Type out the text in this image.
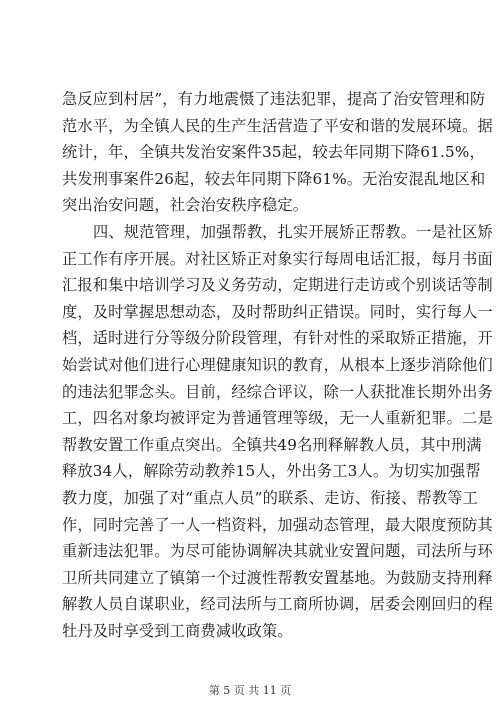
急反应到村居”，有力地震慑了违法犯罪，提高了治安管理和防
范水平，为全镇人民的生产生活营造了平安和谐的发展环境。据
统计，年，全镇共发治安案件35起，较去年同期下降61.5%，
共发刑事案件26起，较去年同期下降61%。无治安混乱地区和
突出治安问题，社会治安秩序稳定。
四、规范管理，加强帮教，扎实开展矫正帮教。一是社区矫
正工作有序开展。对社区矫正对象实行每周电话汇报，每月书面
汇报和集中培训学习及义务劳动，定期进行走访或个别谈话等制
度，及时掌握思想动态，及时帮助纠正错误。同时，实行每人一
档，适时进行分等级分阶段管理，有针对性的采取矫正措施，开
始尝试对他们进行心理健康知识的教育，从根本上逐步消除他们
的违法犯罪念头。目前，经综合评议，除一人获批准长期外出务
工，四名对象均被评定为普通管理等级，无一人重新犯罪。二是
帮教安置工作重点突出。全镇共49名刑释解教人员，其中刑满
释放34人，解除劳动教养15人，外出务工3人。为切实加强帮
教力度，加强了对“重点人员”的联系、走访、衔接、帮教等工
作，同时完善了一人一档资料，加强动态管理，最大限度预防其
重新违法犯罪。为尽可能协调解决其就业安置问题，司法所与环
卫所共同建立了镇第一个过渡性帮教安置基地。为鼓励支持刑释
解教人员自谋职业，经司法所与工商所协调，居委会刚回归的程
牡丹及时享受到工商费减收政策。
第 5 页 共 11 页
